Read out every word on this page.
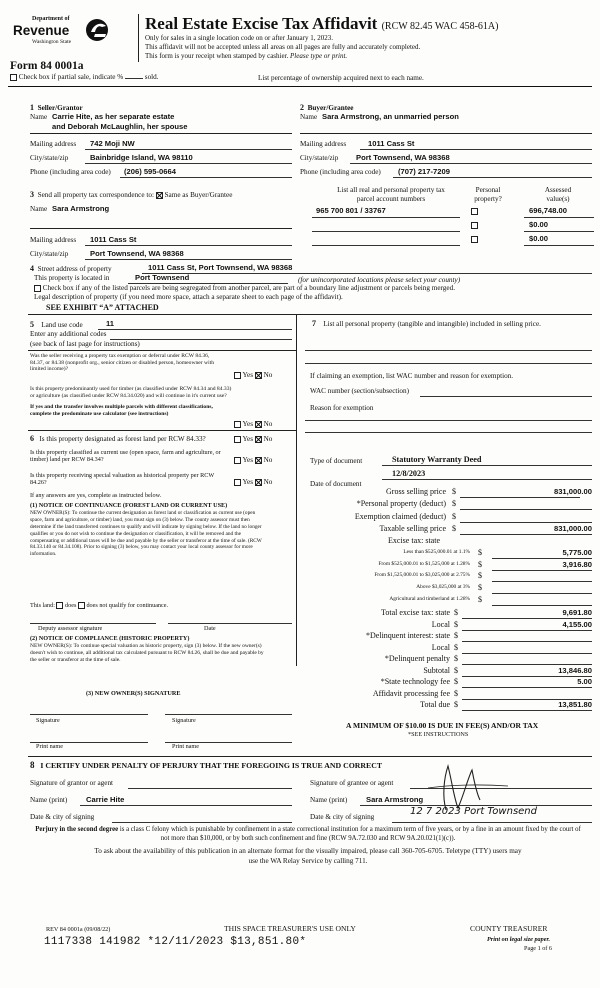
Department of
Revenue
Washington State
Form 84 0001a
Real Estate Excise Tax Affidavit (RCW 82.45 WAC 458-61A)
Only for sales in a single location code on or after January 1, 2023.
This affidavit will not be accepted unless all areas on all pages are fully and accurately completed.
This form is your receipt when stamped by cashier. Please type or print.
Check box if partial sale, indicate %	sold.	List percentage of ownership acquired next to each name.
1 Seller/Grantor
Name Carrie Hite, as her separate estate
and Deborah McLaughlin, her spouse
Mailing address 742 Moji NW
City/state/zip	Bainbridge Island, WA 98110
Phone (including area code) (206) 595-0664
2 Buyer/Grantee
Name Sara Armstrong, an unmarried person
Mailing address	1011 Cass St
City/state/zip Port Townsend, WA 98368
Phone (including area code) (707) 217-7209
3 Send all property tax correspondence to: Same as Buyer/Grantee
Name Sara Armstrong
Mailing address 1011 Cass St
City/state/zip	Port Townsend, WA 98368
List all real and personal property tax
parcel account numbers
Personal
property?
Assessed
value(s)
965 700 801 / 33767	696,748.00
$0.00
$0.00
4 Street address of property	1011 Cass St, Port Townsend, WA 98368
This property is located in	Port Townsend	(for unincorporated locations please select your county)
Check box if any of the listed parcels are being segregated from another parcel, are part of a boundary line adjustment or parcels being merged.
Legal description of property (if you need more space, attach a separate sheet to each page of the affidavit).
SEE EXHIBIT “A” ATTACHED
5 Land use code	11
Enter any additional codes
(see back of last page for instructions)
Was the seller receiving a property tax exemption or deferral under RCW 84.36, 84.37, or 84.38 (nonprofit org., senior citizen or disabled person, homeowner with limited income)?
Yes No
Is this property predominantly used for timber (as classified under RCW 84.34 and 84.33) or agriculture (as classified under RCW 84.34.020) and will continue in it's current use?
If yes and the transfer involves multiple parcels with different classifications, complete the predominate use calculator (see instructions)
Yes No
6 Is this property designated as forest land per RCW 84.33?	Yes No
Is this property classified as current use (open space, farm and agriculture, or timber) land per RCW 84.34?	Yes No
Is this property receiving special valuation as historical property per RCW 84.26?	Yes No
If any answers are yes, complete as instructed below.
(1) NOTICE OF CONTINUANCE (FOREST LAND OR CURRENT USE)
NEW OWNER(S): To continue the current designation as forest land or classification as current use (open space, farm and agriculture, or timber) land, you must sign on (3) below. The county assessor must then determine if the land transferred continues to qualify and will indicate by signing below. If the land no longer qualifies or you do not wish to continue the designation or classification, it will be removed and the compensating or additional taxes will be due and payable by the seller or transferor at the time of sale. (RCW 84.33.140 or 84.34.108). Prior to signing (3) below, you may contact your local county assessor for more information.
This land: does does not qualify for continuance.
Deputy assessor signature	Date
(2) NOTICE OF COMPLIANCE (HISTORIC PROPERTY)
NEW OWNER(S): To continue special valuation as historic property, sign (3) below. If the new owner(s) doesn't wish to continue, all additional tax calculated pursuant to RCW 84.26, shall be due and payable by the seller or transferor at the time of sale.
(3) NEW OWNER(S) SIGNATURE
Signature	Signature
Print name	Print name
7 List all personal property (tangible and intangible) included in selling price.
If claiming an exemption, list WAC number and reason for exemption.
WAC number (section/subsection)
Reason for exemption
Type of document	Statutory Warranty Deed
12/8/2023
Date of document
Gross selling price $	831,000.00
*Personal property (deduct) $
Exemption claimed (deduct) $
Taxable selling price $	831,000.00
Excise tax: state
Less than $525,000.01 at 1.1% $	5,775.00
From $525,000.01 to $1,525,000 at 1.28% $	3,916.80
From $1,525,000.01 to $3,025,000 at 2.75% $
Above $3,025,000 at 3% $
Agricultural and timberland at 1.28% $
Total excise tax: state $	9,691.80
Local $	4,155.00
*Delinquent interest: state $
Local $
*Delinquent penalty $
Subtotal $	13,846.80
*State technology fee $	5.00
Affidavit processing fee $
Total due $	13,851.80
A MINIMUM OF $10.00 IS DUE IN FEE(S) AND/OR TAX
*SEE INSTRUCTIONS
8 I CERTIFY UNDER PENALTY OF PERJURY THAT THE FOREGOING IS TRUE AND CORRECT
Signature of grantor or agent	Signature of grantee or agent
Name (print) Carrie Hite	Name (print) Sara Armstrong
Date & city of signing	Date & city of signing	12 7 2023 Port Townsend
Perjury in the second degree is a class C felony which is punishable by confinement in a state correctional institution for a maximum term of five years, or by a fine in an amount fixed by the court of not more than $10,000, or by both such confinement and fine (RCW 9A.72.030 and RCW 9A.20.021(1)(c)).
To ask about the availability of this publication in an alternate format for the visually impaired, please call 360-705-6705. Teletype (TTY) users may use the WA Relay Service by calling 711.
REV 84 0001a (09/08/22)	THIS SPACE TREASURER'S USE ONLY
1117338 141982 *12/11/2023 $13,851.80*
COUNTY TREASURER
Print on legal size paper.
Page 1 of 6
